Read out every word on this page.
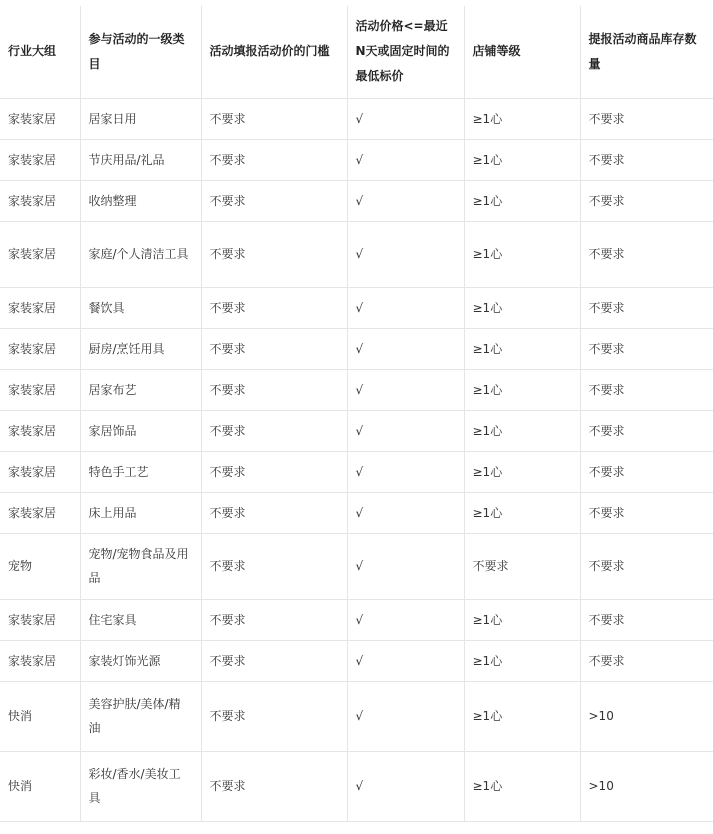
行业大组	参与活动的一级类目	活动填报活动价的门槛	活动价格<=最近N天或固定时间的最低标价	店铺等级	提报活动商品库存数量
家装家居	居家日用	不要求	√	≥1心	不要求
家装家居	节庆用品/礼品	不要求	√	≥1心	不要求
家装家居	收纳整理	不要求	√	≥1心	不要求
家装家居	家庭/个人清洁工具	不要求	√	≥1心	不要求
家装家居	餐饮具	不要求	√	≥1心	不要求
家装家居	厨房/烹饪用具	不要求	√	≥1心	不要求
家装家居	居家布艺	不要求	√	≥1心	不要求
家装家居	家居饰品	不要求	√	≥1心	不要求
家装家居	特色手工艺	不要求	√	≥1心	不要求
家装家居	床上用品	不要求	√	≥1心	不要求
宠物	宠物/宠物食品及用品	不要求	√	不要求	不要求
家装家居	住宅家具	不要求	√	≥1心	不要求
家装家居	家装灯饰光源	不要求	√	≥1心	不要求
快消	美容护肤/美体/精油	不要求	√	≥1心	>10
快消	彩妆/香水/美妆工具	不要求	√	≥1心	>10
